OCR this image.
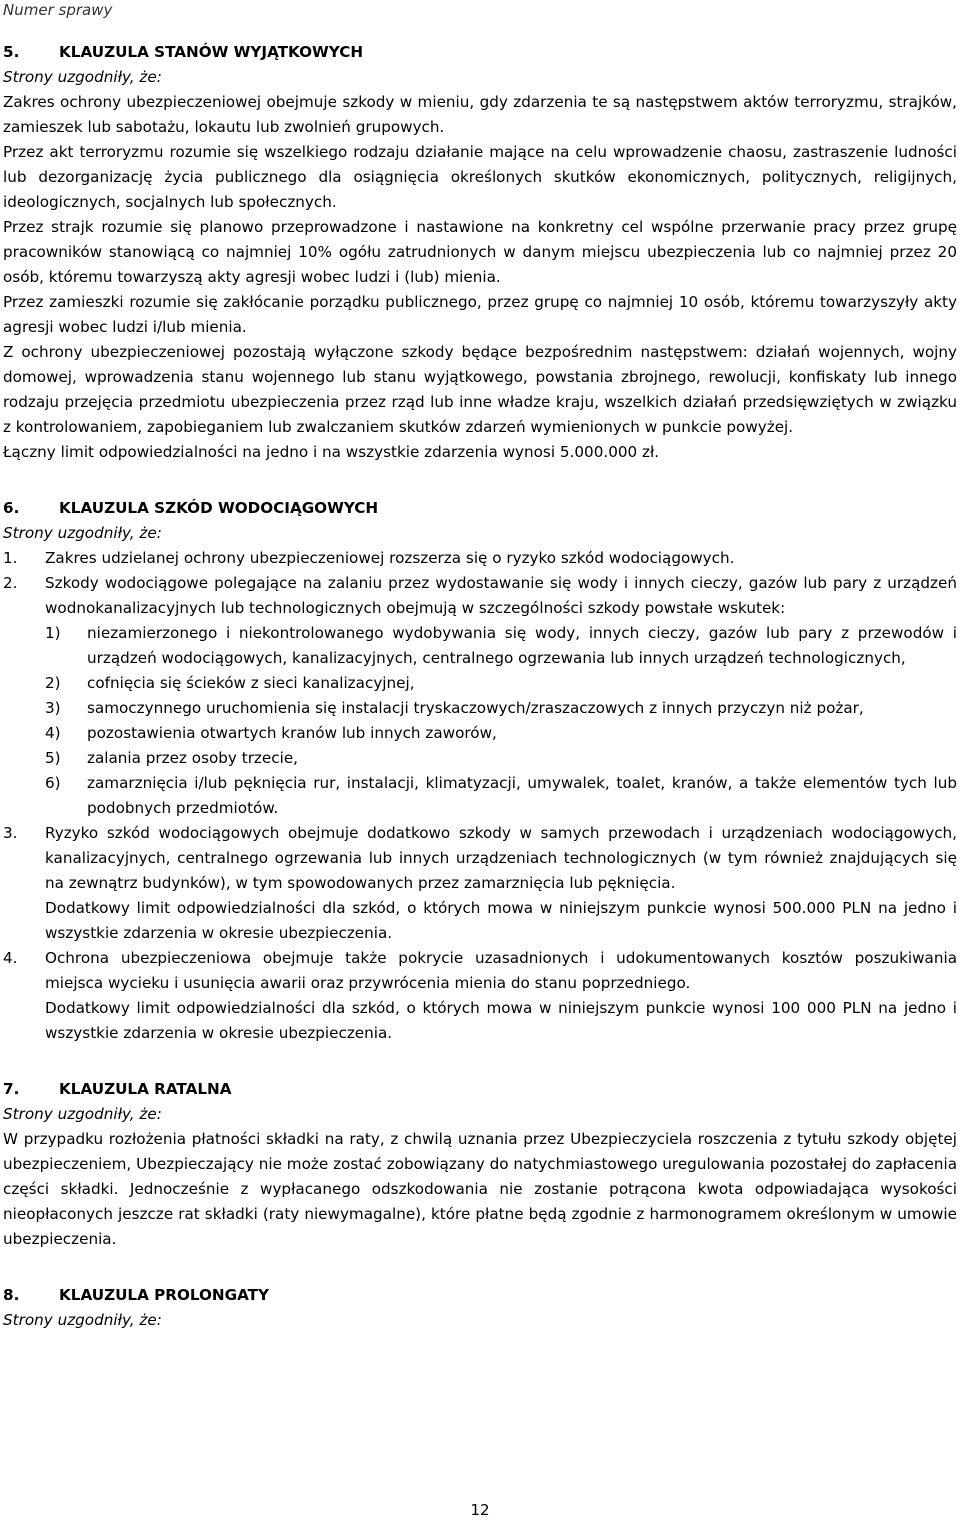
Numer sprawy
5.	KLAUZULA STANÓW WYJĄTKOWYCH
Strony uzgodniły, że:

Zakres ochrony ubezpieczeniowej obejmuje szkody w mieniu, gdy zdarzenia te są następstwem aktów terroryzmu, strajków, zamieszek lub sabotażu, lokautu lub zwolnień grupowych.

Przez akt terroryzmu rozumie się wszelkiego rodzaju działanie mające na celu wprowadzenie chaosu, zastraszenie ludności lub dezorganizację życia publicznego dla osiągnięcia określonych skutków ekonomicznych, politycznych, religijnych, ideologicznych, socjalnych lub społecznych.

Przez strajk rozumie się planowo przeprowadzone i nastawione na konkretny cel wspólne przerwanie pracy przez grupę pracowników stanowiącą co najmniej 10% ogółu zatrudnionych w danym miejscu ubezpieczenia lub co najmniej przez 20 osób, któremu towarzyszą akty agresji wobec ludzi i (lub) mienia.

Przez zamieszki rozumie się zakłócanie porządku publicznego, przez grupę co najmniej 10 osób, któremu towarzyszyły akty agresji wobec ludzi i/lub mienia.

Z ochrony ubezpieczeniowej pozostają wyłączone szkody będące bezpośrednim następstwem: działań wojennych, wojny domowej, wprowadzenia stanu wojennego lub stanu wyjątkowego, powstania zbrojnego, rewolucji, konfiskaty lub innego rodzaju przejęcia przedmiotu ubezpieczenia przez rząd lub inne władze kraju, wszelkich działań przedsięwziętych w związku z kontrolowaniem, zapobieganiem lub zwalczaniem skutków zdarzeń wymienionych w punkcie powyżej.

Łączny limit odpowiedzialności na jedno i na wszystkie zdarzenia wynosi 5.000.000 zł.

6.	KLAUZULA SZKÓD WODOCIĄGOWYCH
Strony uzgodniły, że:
1.	Zakres udzielanej ochrony ubezpieczeniowej rozszerza się o ryzyko szkód wodociągowych.
2.	Szkody wodociągowe polegające na zalaniu przez wydostawanie się wody i innych cieczy, gazów lub pary z urządzeń wodnokanalizacyjnych lub technologicznych obejmują w szczególności szkody powstałe wskutek:
1)	niezamierzonego i niekontrolowanego wydobywania się wody, innych cieczy, gazów lub pary z przewodów i urządzeń wodociągowych, kanalizacyjnych, centralnego ogrzewania lub innych urządzeń technologicznych,
2)	cofnięcia się ścieków z sieci kanalizacyjnej,
3)	samoczynnego uruchomienia się instalacji tryskaczowych/zraszaczowych z innych przyczyn niż pożar,
4)	pozostawienia otwartych kranów lub innych zaworów,
5)	zalania przez osoby trzecie,
6)	zamarznięcia i/lub pęknięcia rur, instalacji, klimatyzacji, umywalek, toalet, kranów, a także elementów tych lub podobnych przedmiotów.
3.	Ryzyko szkód wodociągowych obejmuje dodatkowo szkody w samych przewodach i urządzeniach wodociągowych, kanalizacyjnych, centralnego ogrzewania lub innych urządzeniach technologicznych (w tym również znajdujących się na zewnątrz budynków), w tym spowodowanych przez zamarznięcia lub pęknięcia.
Dodatkowy limit odpowiedzialności dla szkód, o których mowa w niniejszym punkcie wynosi 500.000 PLN na jedno i wszystkie zdarzenia w okresie ubezpieczenia.
4.	Ochrona ubezpieczeniowa obejmuje także pokrycie uzasadnionych i udokumentowanych kosztów poszukiwania miejsca wycieku i usunięcia awarii oraz przywrócenia mienia do stanu poprzedniego.
Dodatkowy limit odpowiedzialności dla szkód, o których mowa w niniejszym punkcie wynosi 100 000 PLN na jedno i wszystkie zdarzenia w okresie ubezpieczenia.
7.	KLAUZULA RATALNA
Strony uzgodniły, że:

W przypadku rozłożenia płatności składki na raty, z chwilą uznania przez Ubezpieczyciela roszczenia z tytułu szkody objętej ubezpieczeniem, Ubezpieczający nie może zostać zobowiązany do natychmiastowego uregulowania pozostałej do zapłacenia części składki. Jednocześnie z wypłacanego odszkodowania nie zostanie potrącona kwota odpowiadająca wysokości nieopłaconych jeszcze rat składki (raty niewymagalne), które płatne będą zgodnie z harmonogramem określonym w umowie ubezpieczenia.

8.	KLAUZULA PROLONGATY
Strony uzgodniły, że:
12
